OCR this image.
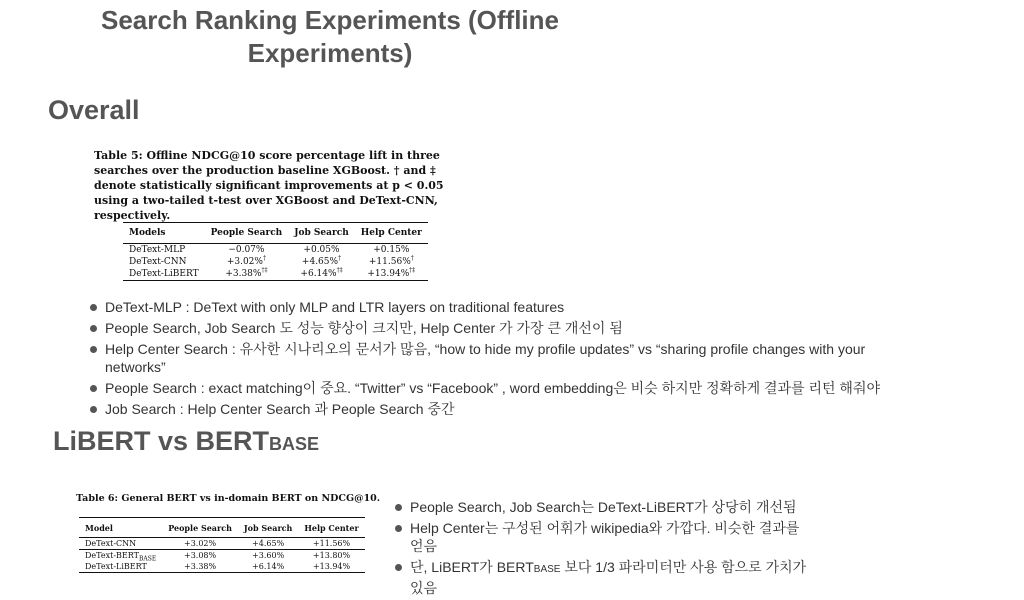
Search Ranking Experiments (Offline Experiments)
Overall
Table 5: Offline NDCG@10 score percentage lift in three searches over the production baseline XGBoost. † and ‡ denote statistically significant improvements at p < 0.05 using a two-tailed t-test over XGBoost and DeText-CNN, respectively.
Models	People Search	Job Search	Help Center
DeText-MLP	−0.07%	+0.05%	+0.15%
DeText-CNN	+3.02%†	+4.65%†	+11.56%†
DeText-LiBERT	+3.38%†‡	+6.14%†‡	+13.94%†‡
DeText-MLP : DeText with only MLP and LTR layers on traditional features
People Search, Job Search 도 성능 향상이 크지만, Help Center 가 가장 큰 개선이 됨
Help Center Search : 유사한 시나리오의 문서가 많음, “how to hide my profile updates” vs “sharing profile changes with your networks”
People Search : exact matching이 중요. “Twitter” vs “Facebook” , word embedding은 비슷 하지만 정확하게 결과를 리턴 해줘야
Job Search : Help Center Search 과 People Search 중간
LiBERT vs BERTBASE
Table 6: General BERT vs in-domain BERT on NDCG@10.
Model	People Search	Job Search	Help Center
DeText-CNN	+3.02%	+4.65%	+11.56%
DeText-$BERT_{BASE}$	+3.08%	+3.60%	+13.80%
DeText-LiBERT	+3.38%	+6.14%	+13.94%
People Search, Job Search는 DeText-LiBERT가 상당히 개선됨
Help Center는 구성된 어휘가 wikipedia와 가깝다. 비슷한 결과를 얻음
단, LiBERT가 BERTBASE 보다 1/3 파라미터만 사용 함으로 가치가 있음
